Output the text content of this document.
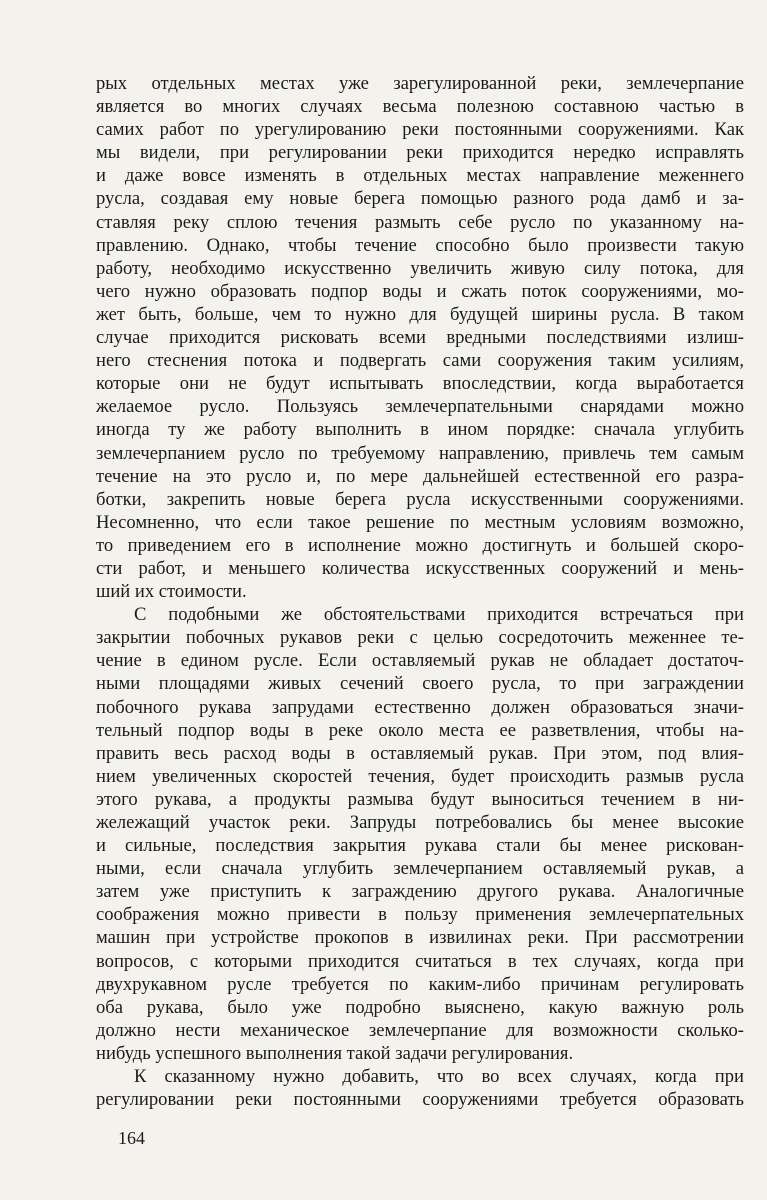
рых отдельных местах уже зарегулированной реки, землечерпание
является во многих случаях весьма полезною составною частью в
самих работ по урегулированию реки постоянными сооружениями. Как
мы видели, при регулировании реки приходится нередко исправлять
и даже вовсе изменять в отдельных местах направление меженнего
русла, создавая ему новые берега помощью разного рода дамб и за-
ставляя реку сплою течения размыть себе русло по указанному на-
правлению. Однако, чтобы течение способно было произвести такую
работу, необходимо искусственно увеличить живую силу потока, для
чего нужно образовать подпор воды и сжать поток сооружениями, мо-
жет быть, больше, чем то нужно для будущей ширины русла. В таком
случае приходится рисковать всеми вредными последствиями излиш-
него стеснения потока и подвергать сами сооружения таким усилиям,
которые они не будут испытывать впоследствии, когда выработается
желаемое русло. Пользуясь землечерпательными снарядами можно
иногда ту же работу выполнить в ином порядке: сначала углубить
землечерпанием русло по требуемому направлению, привлечь тем самым
течение на это русло и, по мере дальнейшей естественной его разра-
ботки, закрепить новые берега русла искусственными сооружениями.
Несомненно, что если такое решение по местным условиям возможно,
то приведением его в исполнение можно достигнуть и большей скоро-
сти работ, и меньшего количества искусственных сооружений и мень-
ший их стоимости.
С подобными же обстоятельствами приходится встречаться при
закрытии побочных рукавов реки с целью сосредоточить меженнее те-
чение в едином русле. Если оставляемый рукав не обладает достаточ-
ными площадями живых сечений своего русла, то при заграждении
побочного рукава запрудами естественно должен образоваться значи-
тельный подпор воды в реке около места ее разветвления, чтобы на-
править весь расход воды в оставляемый рукав. При этом, под влия-
нием увеличенных скоростей течения, будет происходить размыв русла
этого рукава, а продукты размыва будут выноситься течением в ни-
жележащий участок реки. Запруды потребовались бы менее высокие
и сильные, последствия закрытия рукава стали бы менее рискован-
ными, если сначала углубить землечерпанием оставляемый рукав, а
затем уже приступить к заграждению другого рукава. Аналогичные
соображения можно привести в пользу применения землечерпательных
машин при устройстве прокопов в извилинах реки. При рассмотрении
вопросов, с которыми приходится считаться в тех случаях, когда при
двухрукавном русле требуется по каким-либо причинам регулировать
оба рукава, было уже подробно выяснено, какую важную роль
должно нести механическое землечерпание для возможности сколько-
нибудь успешного выполнения такой задачи регулирования.
К сказанному нужно добавить, что во всех случаях, когда при
регулировании реки постоянными сооружениями требуется образовать
164
